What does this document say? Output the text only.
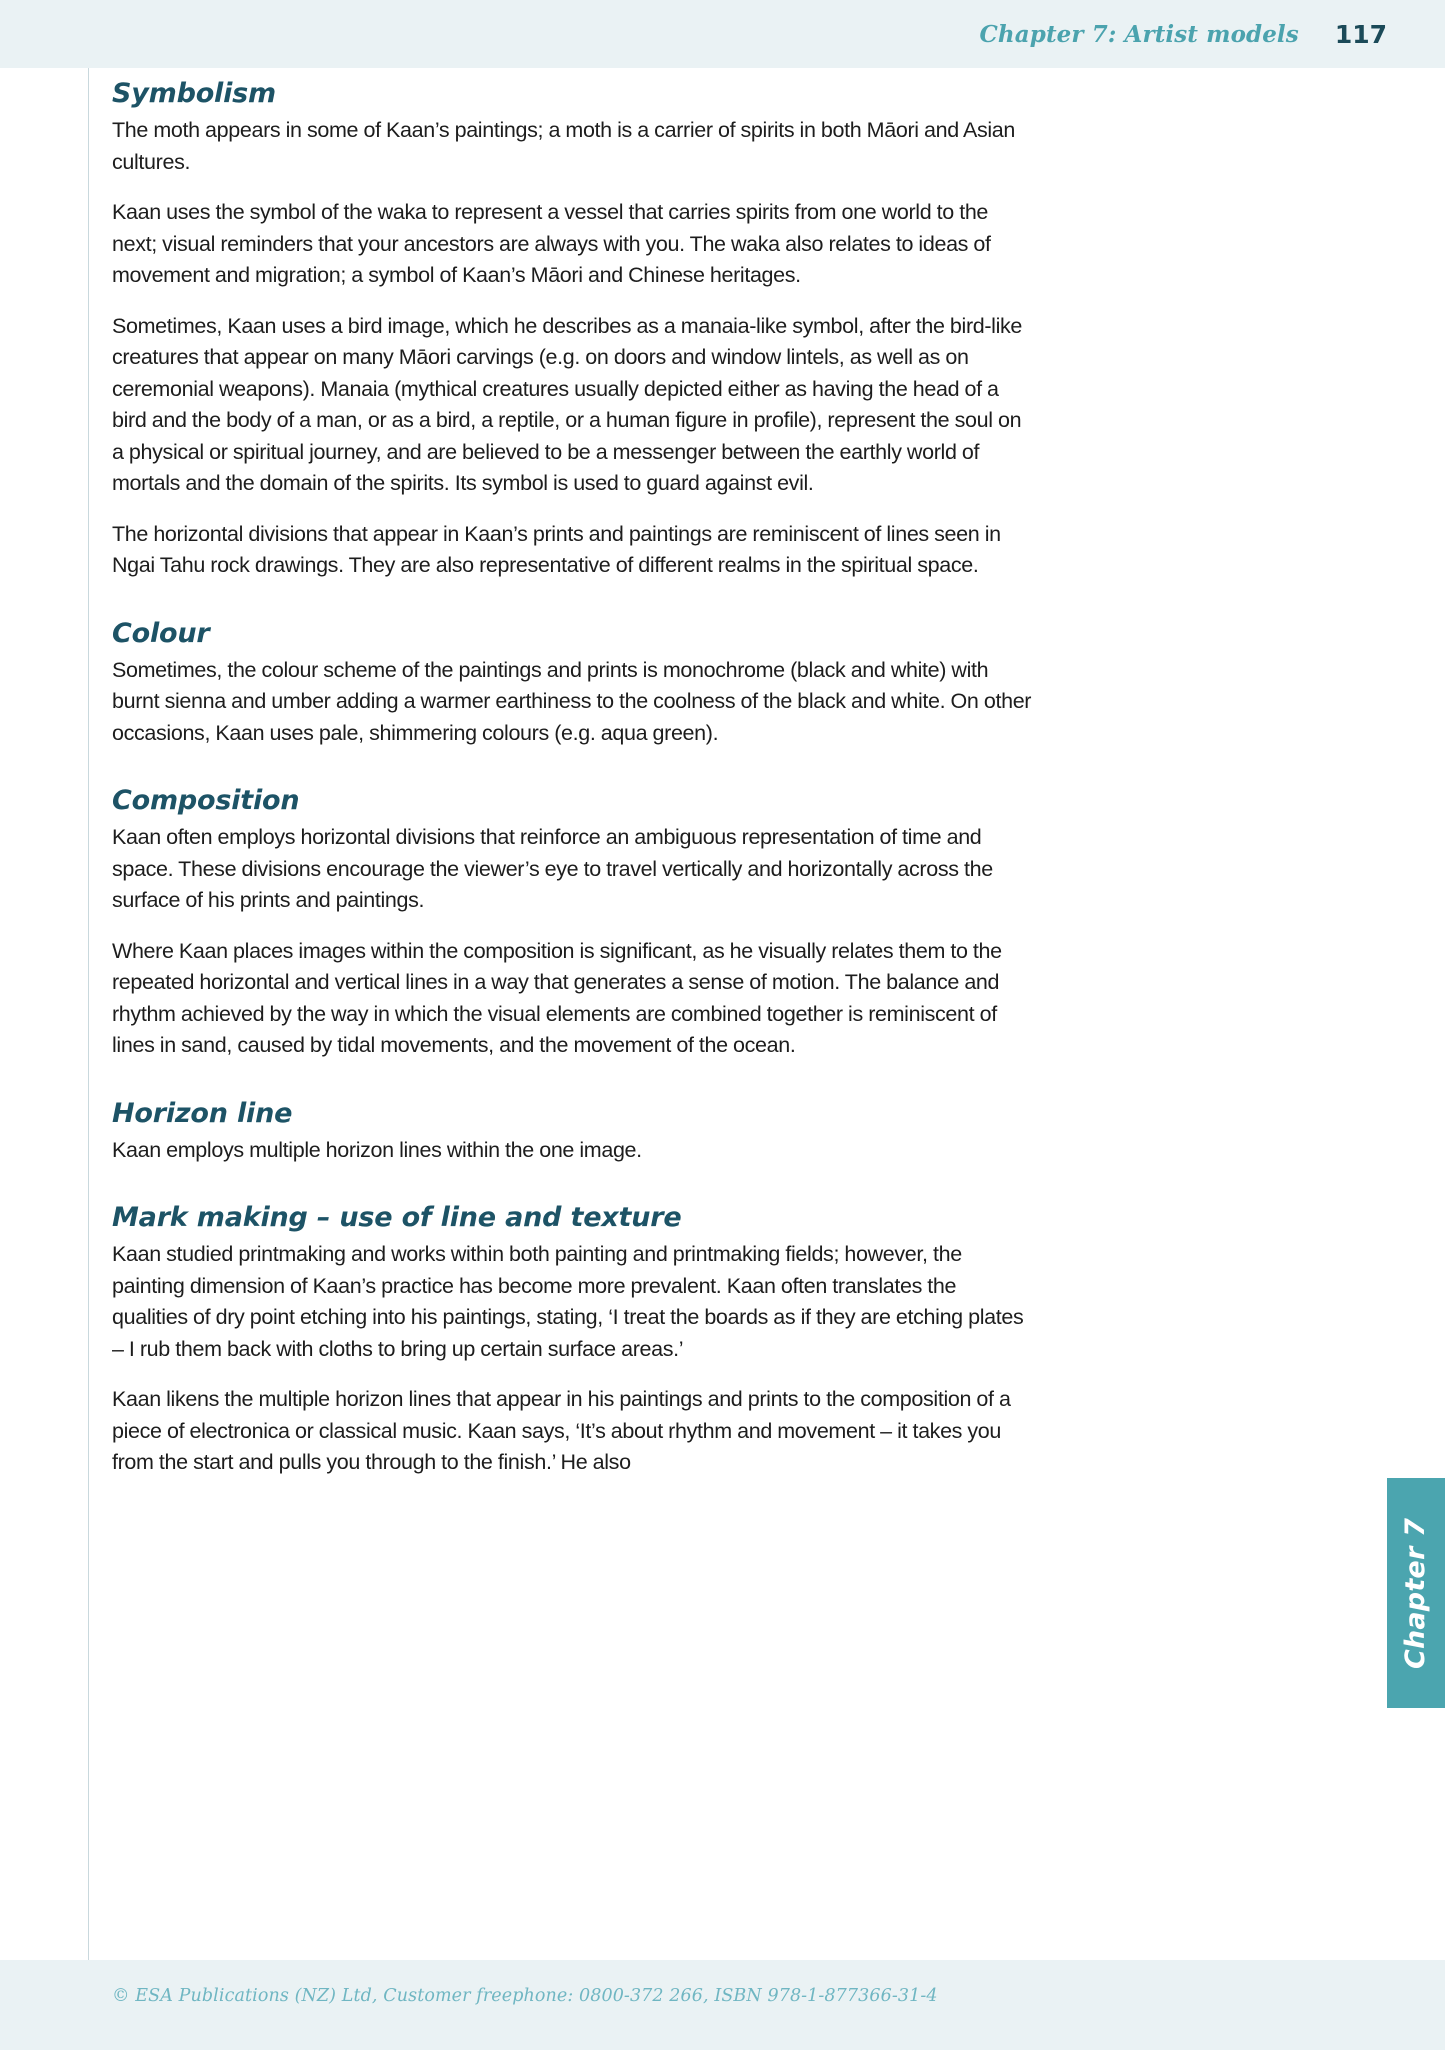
Chapter 7: Artist models 117
Symbolism

The moth appears in some of Kaan’s paintings; a moth is a carrier of spirits in both Māori and Asian cultures.

Kaan uses the symbol of the waka to represent a vessel that carries spirits from one world to the next; visual reminders that your ancestors are always with you. The waka also relates to ideas of movement and migration; a symbol of Kaan’s Māori and Chinese heritages.

Sometimes, Kaan uses a bird image, which he describes as a manaia-like symbol, after the bird-like creatures that appear on many Māori carvings (e.g. on doors and window lintels, as well as on ceremonial weapons). Manaia (mythical creatures usually depicted either as having the head of a bird and the body of a man, or as a bird, a reptile, or a human figure in profile), represent the soul on a physical or spiritual journey, and are believed to be a messenger between the earthly world of mortals and the domain of the spirits. Its symbol is used to guard against evil.

The horizontal divisions that appear in Kaan’s prints and paintings are reminiscent of lines seen in Ngai Tahu rock drawings. They are also representative of different realms in the spiritual space.

Colour

Sometimes, the colour scheme of the paintings and prints is monochrome (black and white) with burnt sienna and umber adding a warmer earthiness to the coolness of the black and white. On other occasions, Kaan uses pale, shimmering colours (e.g. aqua green).

Composition

Kaan often employs horizontal divisions that reinforce an ambiguous representation of time and space. These divisions encourage the viewer’s eye to travel vertically and horizontally across the surface of his prints and paintings.

Where Kaan places images within the composition is significant, as he visually relates them to the repeated horizontal and vertical lines in a way that generates a sense of motion. The balance and rhythm achieved by the way in which the visual elements are combined together is reminiscent of lines in sand, caused by tidal movements, and the movement of the ocean.

Horizon line

Kaan employs multiple horizon lines within the one image.

Mark making – use of line and texture

Kaan studied printmaking and works within both painting and printmaking fields; however, the painting dimension of Kaan’s practice has become more prevalent. Kaan often translates the qualities of dry point etching into his paintings, stating, ‘I treat the boards as if they are etching plates – I rub them back with cloths to bring up certain surface areas.’

Kaan likens the multiple horizon lines that appear in his paintings and prints to the composition of a piece of electronica or classical music. Kaan says, ‘It’s about rhythm and movement – it takes you from the start and pulls you through to the finish.’ He also

Chapter 7
© ESA Publications (NZ) Ltd, Customer freephone: 0800-372 266, ISBN 978-1-877366-31-4
